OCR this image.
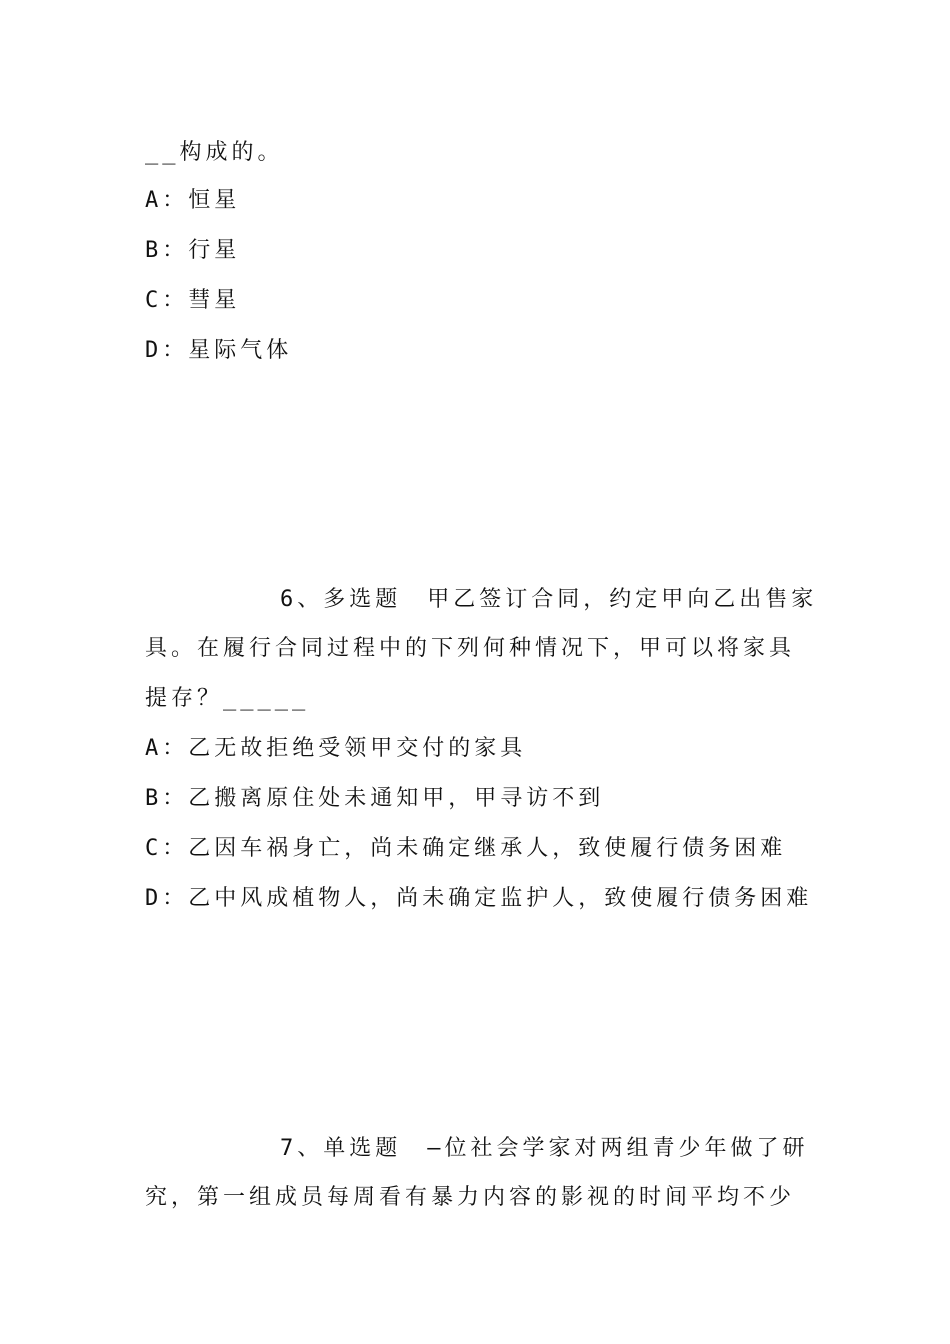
__构成的。
A：恒星
B：行星
C：彗星
D：星际气体
6、多选题　甲乙签订合同，约定甲向乙出售家
具。在履行合同过程中的下列何种情况下，甲可以将家具
提存？_____
A：乙无故拒绝受领甲交付的家具
B：乙搬离原住处未通知甲，甲寻访不到
C：乙因车祸身亡，尚未确定继承人，致使履行债务困难
D：乙中风成植物人，尚未确定监护人，致使履行债务困难
7、单选题　—位社会学家对两组青少年做了研
究，第一组成员每周看有暴力内容的影视的时间平均不少
